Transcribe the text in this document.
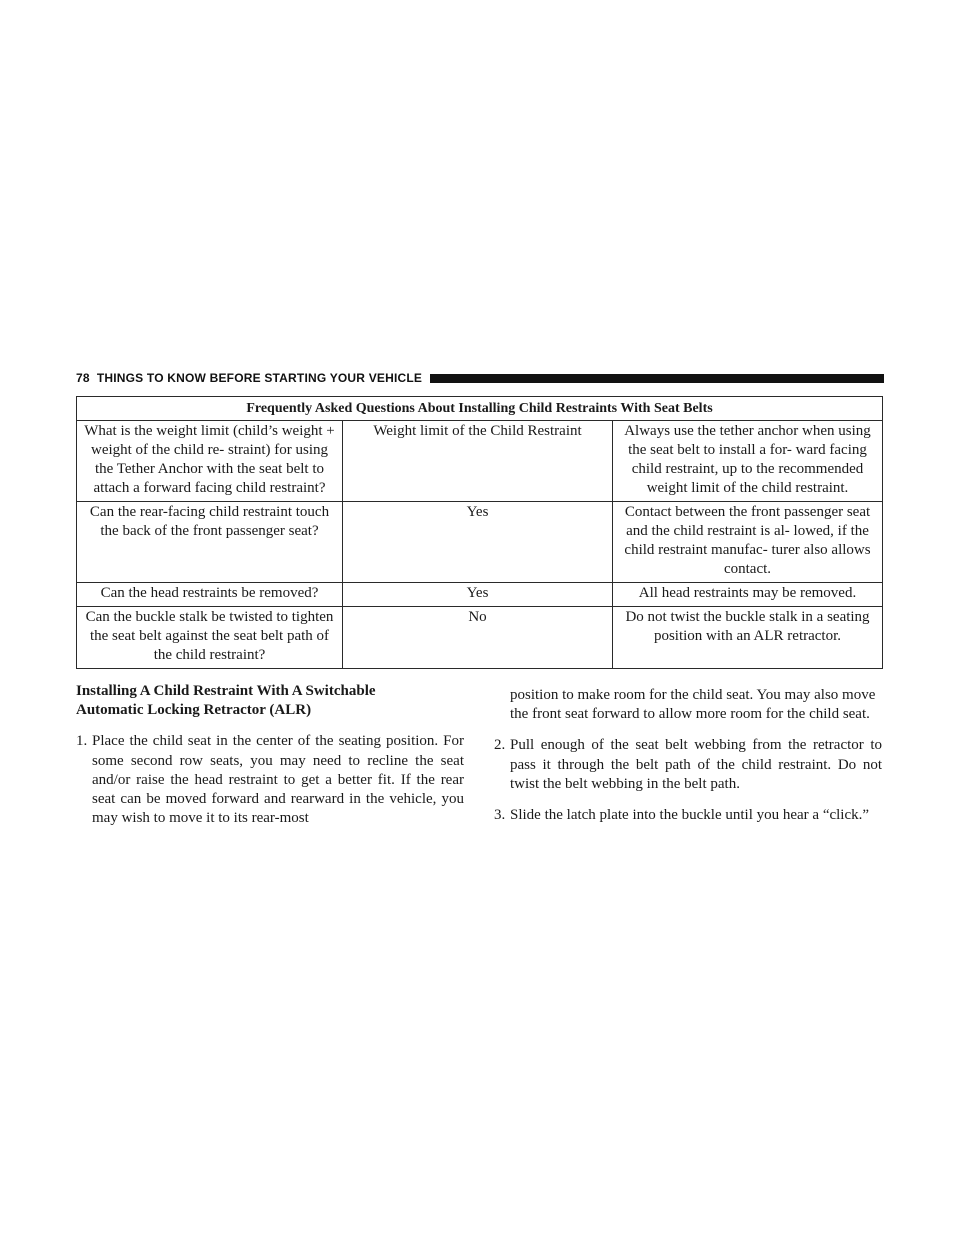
78 THINGS TO KNOW BEFORE STARTING YOUR VEHICLE
Frequently Asked Questions About Installing Child Restraints With Seat Belts		
What is the weight limit (child’s weight + weight of the child re- straint) for using the Tether Anchor with the seat belt to attach a forward facing child restraint?	Weight limit of the Child Restraint	Always use the tether anchor when using the seat belt to install a for- ward facing child restraint, up to the recommended weight limit of the child restraint.
Can the rear-facing child restraint touch the back of the front passenger seat?	Yes	Contact between the front passenger seat and the child restraint is al- lowed, if the child restraint manufac- turer also allows contact.
Can the head restraints be removed?	Yes	All head restraints may be removed.
Can the buckle stalk be twisted to tighten the seat belt against the seat belt path of the child restraint?	No	Do not twist the buckle stalk in a seating position with an ALR retractor.
Installing A Child Restraint With A Switchable
Automatic Locking Retractor (ALR)

1. Place the child seat in the center of the seating position. For some second row seats, you may need to recline the seat and/or raise the head restraint to get a better fit. If the rear seat can be moved forward and rearward in the vehicle, you may wish to move it to its rear-most

position to make room for the child seat. You may also move the front seat forward to allow more room for the child seat.

2. Pull enough of the seat belt webbing from the retractor to pass it through the belt path of the child restraint. Do not twist the belt webbing in the belt path.

3. Slide the latch plate into the buckle until you hear a “click.”
